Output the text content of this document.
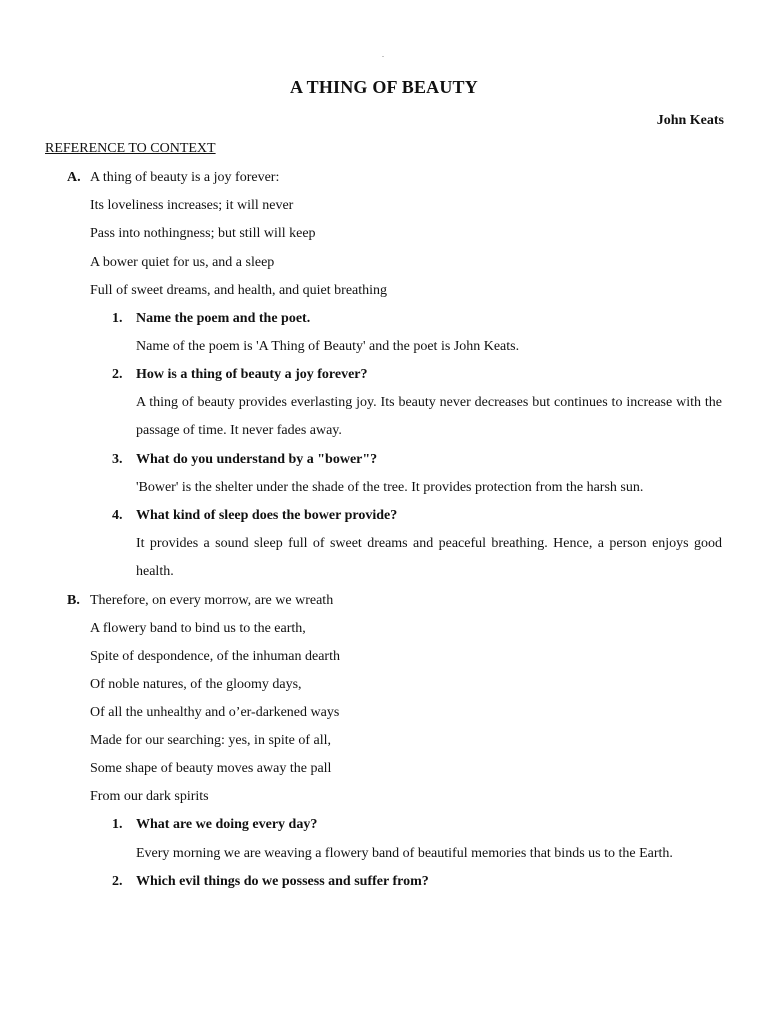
.
A THING OF BEAUTY
John Keats
REFERENCE TO CONTEXT
A. A thing of beauty is a joy forever:
Its loveliness increases; it will never
Pass into nothingness; but still will keep
A bower quiet for us, and a sleep
Full of sweet dreams, and health, and quiet breathing
1. Name the poem and the poet.
Name of the poem is 'A Thing of Beauty' and the poet is John Keats.
2. How is a thing of beauty a joy forever?
A thing of beauty provides everlasting joy. Its beauty never decreases but continues to increase with the passage of time. It never fades away.
3. What do you understand by a "bower"?
'Bower' is the shelter under the shade of the tree. It provides protection from the harsh sun.
4. What kind of sleep does the bower provide?
It provides a sound sleep full of sweet dreams and peaceful breathing. Hence, a person enjoys good health.
B. Therefore, on every morrow, are we wreath
A flowery band to bind us to the earth,
Spite of despondence, of the inhuman dearth
Of noble natures, of the gloomy days,
Of all the unhealthy and o’er-darkened ways
Made for our searching: yes, in spite of all,
Some shape of beauty moves away the pall
From our dark spirits
1. What are we doing every day?
Every morning we are weaving a flowery band of beautiful memories that binds us to the Earth.
2. Which evil things do we possess and suffer from?
